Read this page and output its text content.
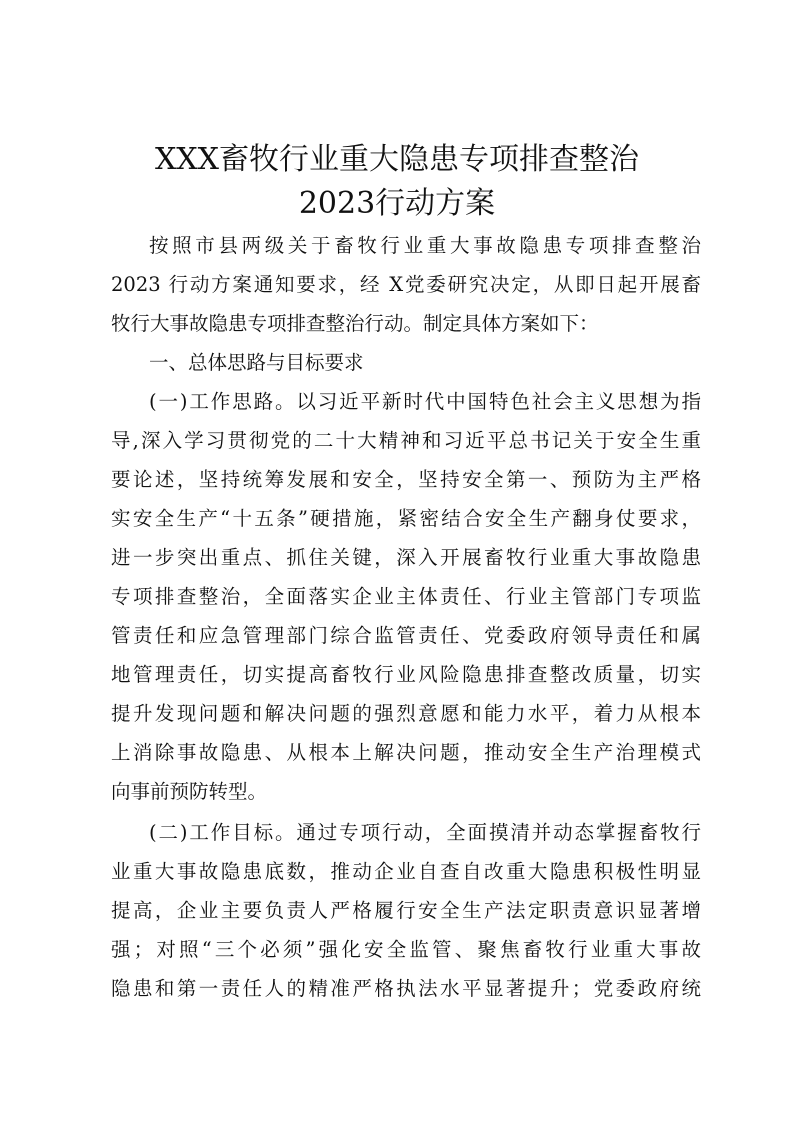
XXX畜牧行业重大隐患专项排查整治
2023行动方案
按照市县两级关于畜牧行业重大事故隐患专项排查整治
2023 行动方案通知要求，经 X党委研究决定，从即日起开展畜
牧行大事故隐患专项排查整治行动。制定具体方案如下：
一、总体思路与目标要求
(一)工作思路。以习近平新时代中国特色社会主义思想为指
导,深入学习贯彻党的二十大精神和习近平总书记关于安全生重
要论述，坚持统筹发展和安全，坚持安全第一、预防为主严格
实安全生产“十五条”硬措施，紧密结合安全生产翻身仗要求，
进一步突出重点、抓住关键，深入开展畜牧行业重大事故隐患
专项排查整治，全面落实企业主体责任、行业主管部门专项监
管责任和应急管理部门综合监管责任、党委政府领导责任和属
地管理责任，切实提高畜牧行业风险隐患排查整改质量，切实
提升发现问题和解决问题的强烈意愿和能力水平，着力从根本
上消除事故隐患、从根本上解决问题，推动安全生产治理模式
向事前预防转型。
(二)工作目标。通过专项行动，全面摸清并动态掌握畜牧行
业重大事故隐患底数，推动企业自查自改重大隐患积极性明显
提高，企业主要负责人严格履行安全生产法定职责意识显著增
强；对照“三个必须”强化安全监管、聚焦畜牧行业重大事故
隐患和第一责任人的精准严格执法水平显著提升；党委政府统
